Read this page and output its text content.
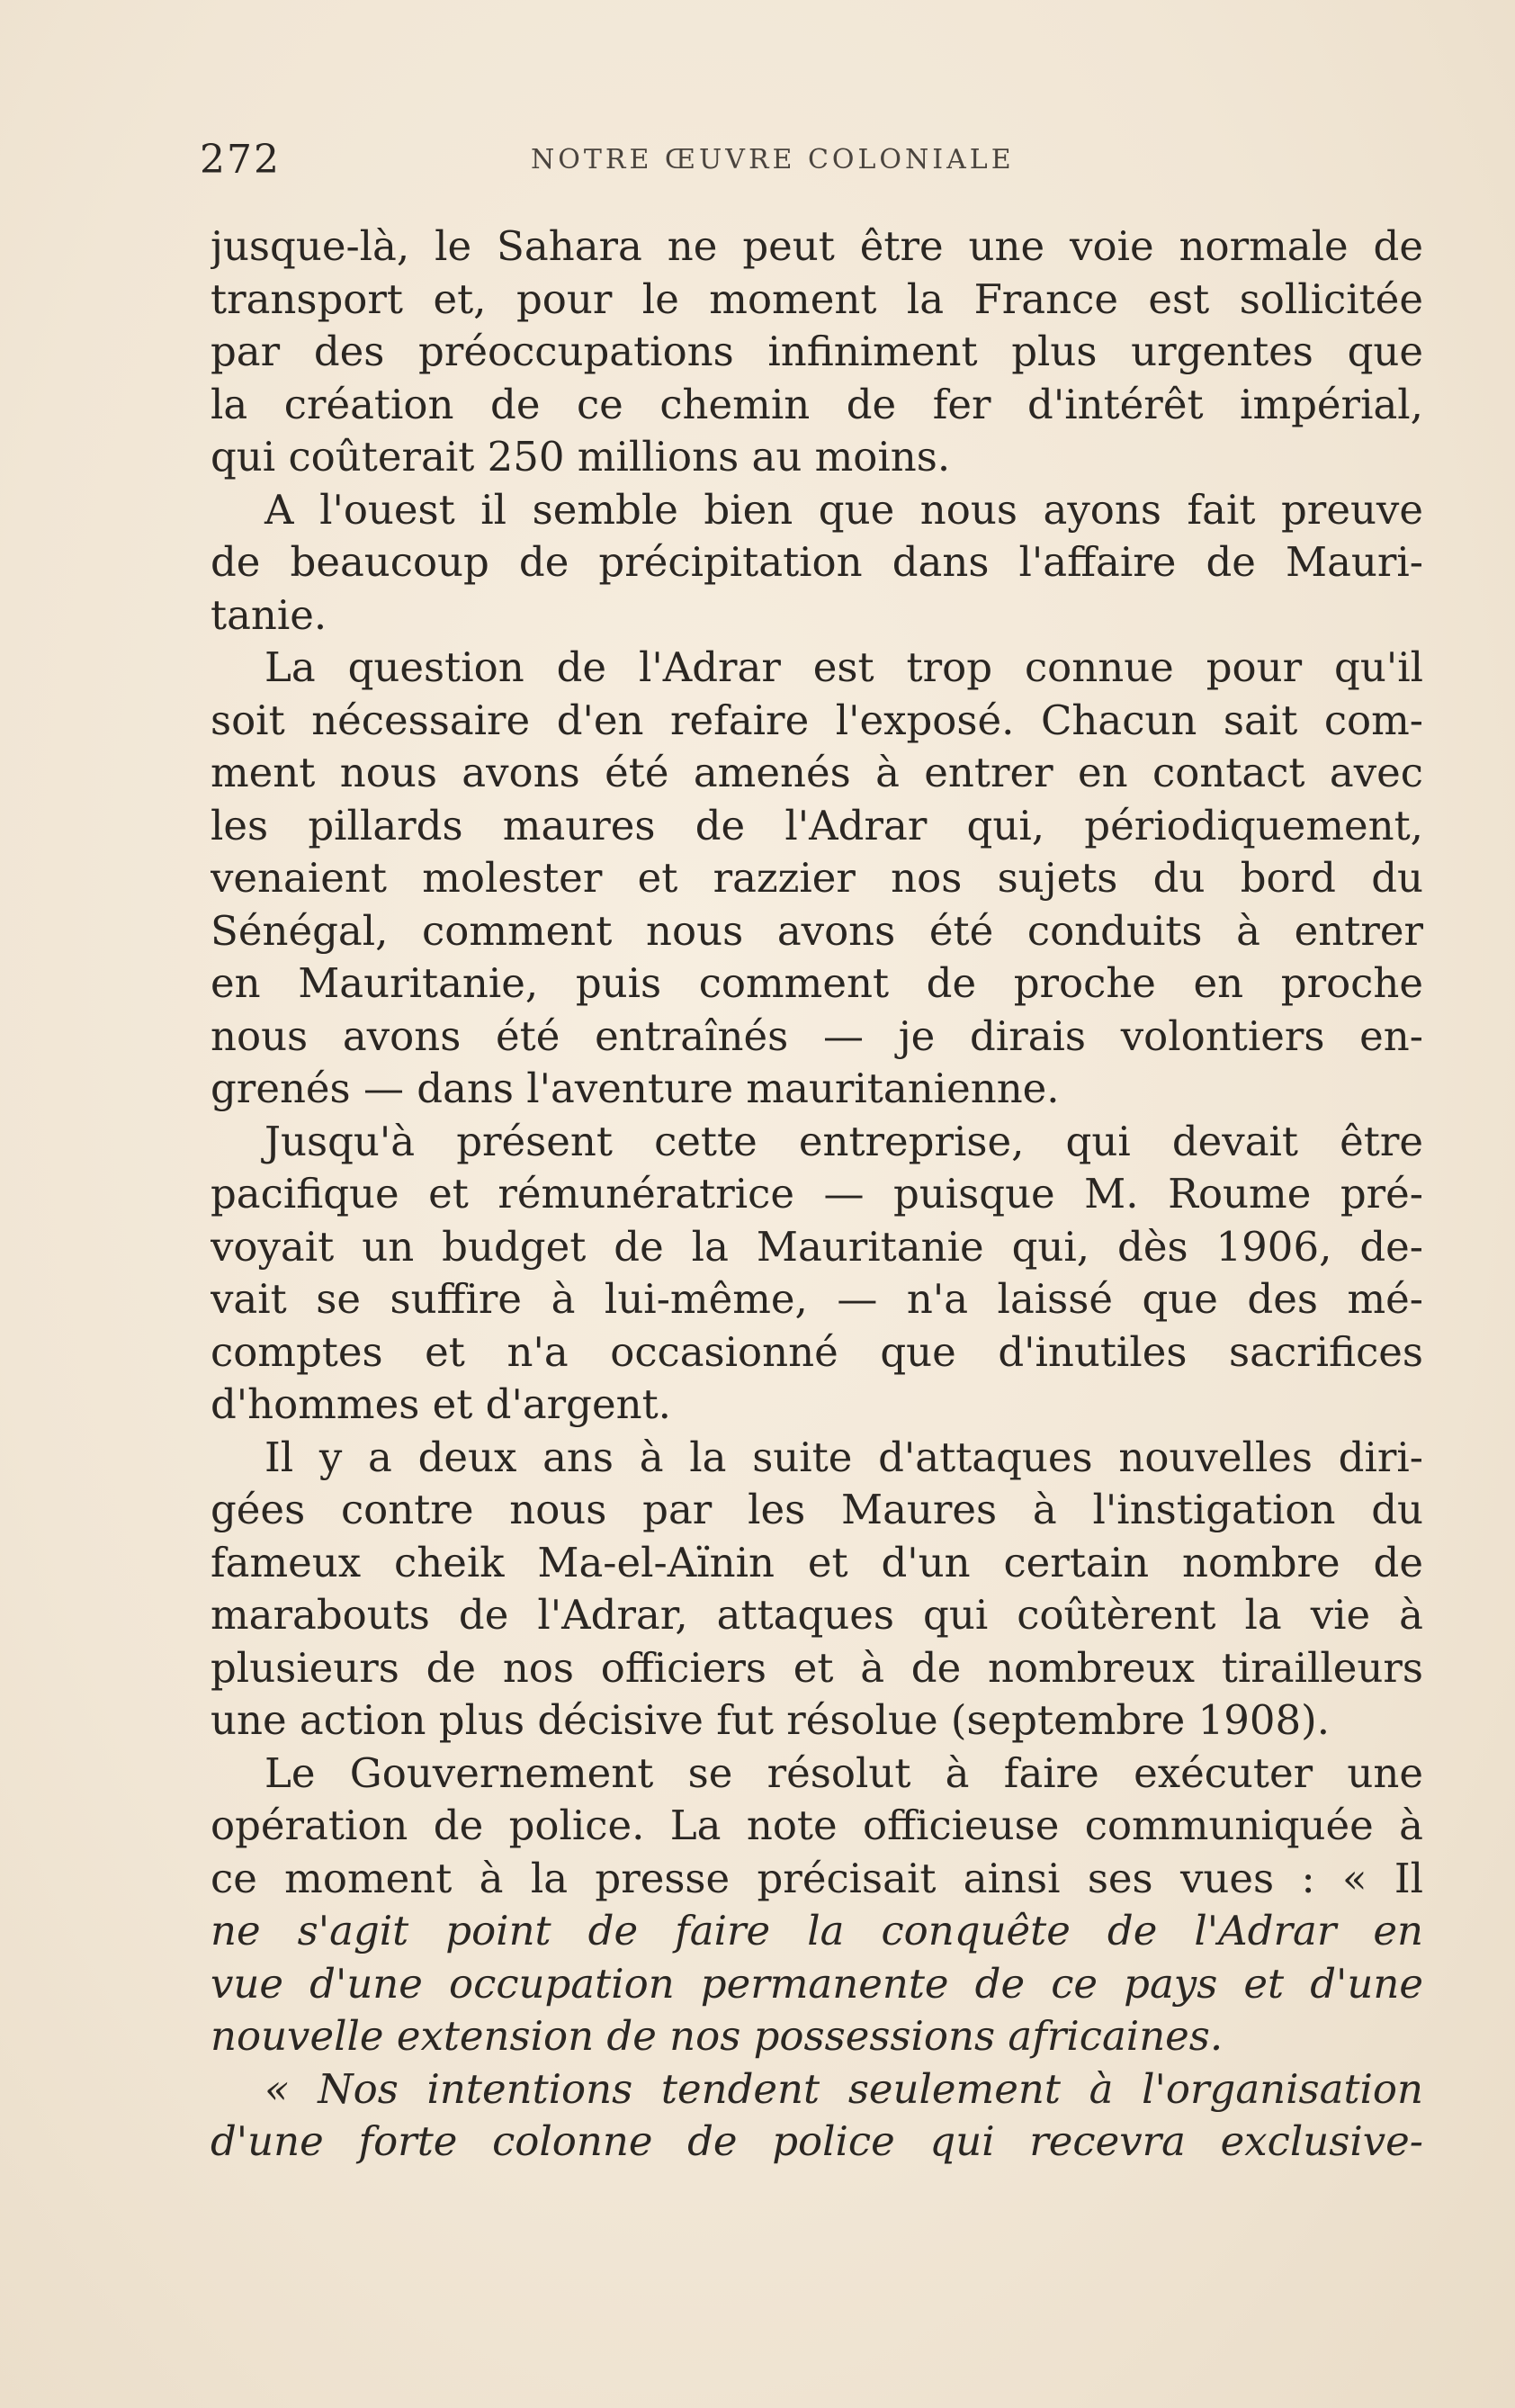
272	NOTRE ŒUVRE COLONIALE
jusque-là, le Sahara ne peut être une voie normale de
transport et, pour le moment la France est sollicitée
par des préoccupations infiniment plus urgentes que
la création de ce chemin de fer d'intérêt impérial,
qui coûterait 250 millions au moins.
A l'ouest il semble bien que nous ayons fait preuve
de beaucoup de précipitation dans l'affaire de Mauri-
tanie.
La question de l'Adrar est trop connue pour qu'il
soit nécessaire d'en refaire l'exposé. Chacun sait com-
ment nous avons été amenés à entrer en contact avec
les pillards maures de l'Adrar qui, périodiquement,
venaient molester et razzier nos sujets du bord du
Sénégal, comment nous avons été conduits à entrer
en Mauritanie, puis comment de proche en proche
nous avons été entraînés — je dirais volontiers en-
grenés — dans l'aventure mauritanienne.
Jusqu'à présent cette entreprise, qui devait être
pacifique et rémunératrice — puisque M. Roume pré-
voyait un budget de la Mauritanie qui, dès 1906, de-
vait se suffire à lui-même, — n'a laissé que des mé-
comptes et n'a occasionné que d'inutiles sacrifices
d'hommes et d'argent.
Il y a deux ans à la suite d'attaques nouvelles diri-
gées contre nous par les Maures à l'instigation du
fameux cheik Ma-el-Aïnin et d'un certain nombre de
marabouts de l'Adrar, attaques qui coûtèrent la vie à
plusieurs de nos officiers et à de nombreux tirailleurs
une action plus décisive fut résolue (septembre 1908).
Le Gouvernement se résolut à faire exécuter une
opération de police. La note officieuse communiquée à
ce moment à la presse précisait ainsi ses vues : « Il
ne s'agit point de faire la conquête de l'Adrar en
vue d'une occupation permanente de ce pays et d'une
nouvelle extension de nos possessions africaines.
« Nos intentions tendent seulement à l'organisation
d'une forte colonne de police qui recevra exclusive-
